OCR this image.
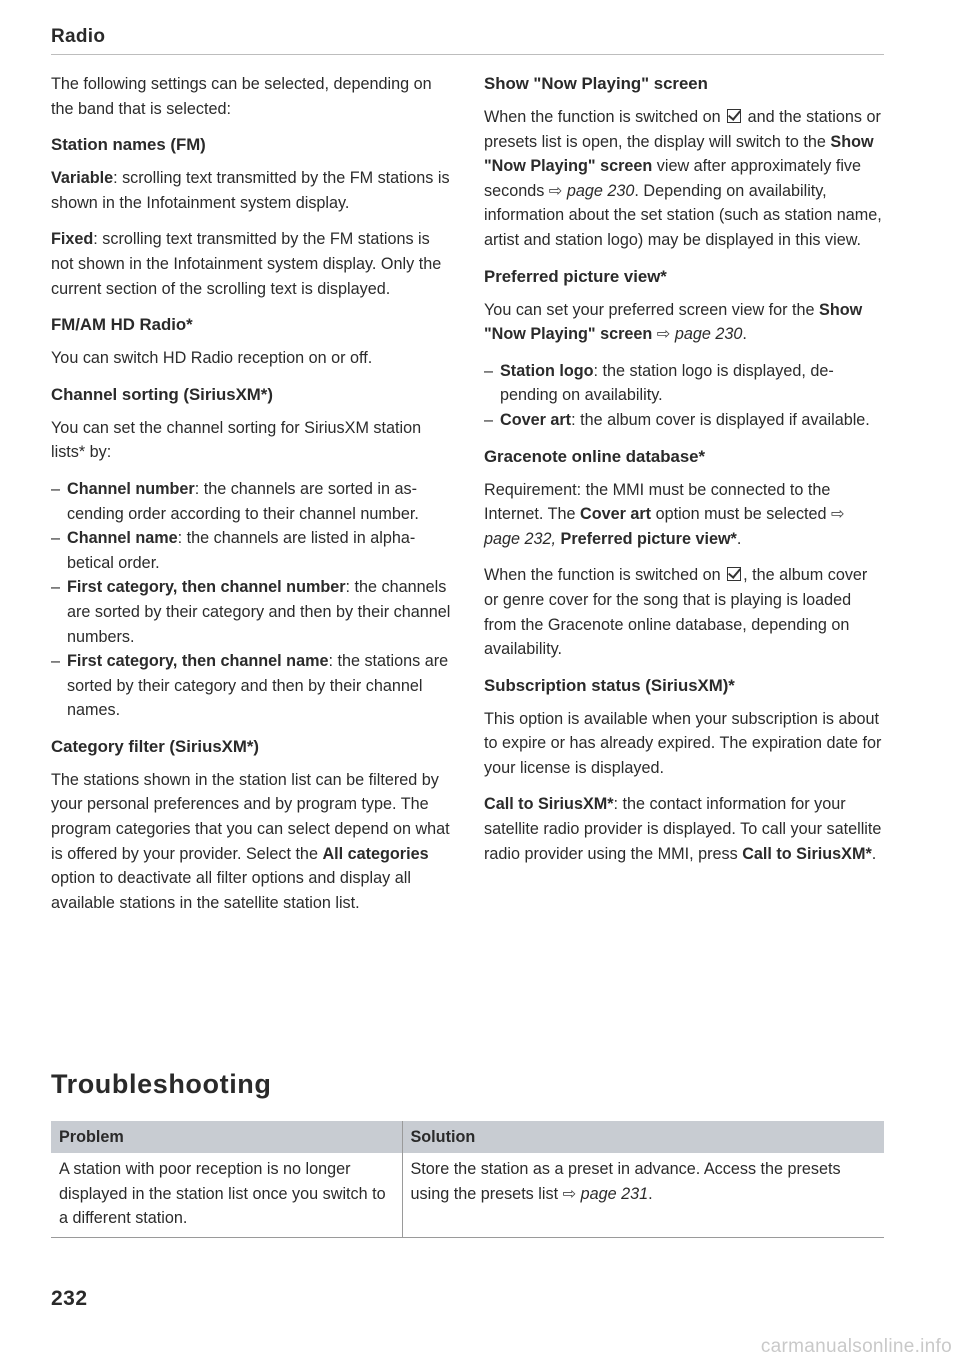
Radio

The following settings can be selected, depending on the band that is selected:

Station names (FM)

Variable: scrolling text transmitted by the FM stations is shown in the Infotainment system display.

Fixed: scrolling text transmitted by the FM stations is not shown in the Infotainment system display. Only the current section of the scrolling text is displayed.

FM/AM HD Radio*

You can switch HD Radio reception on or off.

Channel sorting (SiriusXM*)

You can set the channel sorting for SiriusXM station lists* by:

– Channel number: the channels are sorted in ascending order according to their channel number.
– Channel name: the channels are listed in alphabetical order.
– First category, then channel number: the channels are sorted by their category and then by their channel numbers.
– First category, then channel name: the stations are sorted by their category and then by their channel names.
Category filter (SiriusXM*)

The stations shown in the station list can be filtered by your personal preferences and by program type. The program categories that you can select depend on what is offered by your provider. Select the All categories option to deactivate all filter options and display all available stations in the satellite station list.

Show "Now Playing" screen

When the function is switched on  and the stations or presets list is open, the display will switch to the Show "Now Playing" screen view after approximately five seconds ⇨ page 230. Depending on availability, information about the set station (such as station name, artist and station logo) may be displayed in this view.

Preferred picture view*

You can set your preferred screen view for the Show "Now Playing" screen ⇨ page 230.

– Station logo: the station logo is displayed, depending on availability.
– Cover art: the album cover is displayed if available.
Gracenote online database*

Requirement: the MMI must be connected to the Internet. The Cover art option must be selected ⇨ page 232, Preferred picture view*.

When the function is switched on , the album cover or genre cover for the song that is playing is loaded from the Gracenote online database, depending on availability.

Subscription status (SiriusXM)*

This option is available when your subscription is about to expire or has already expired. The expiration date for your license is displayed.

Call to SiriusXM*: the contact information for your satellite radio provider is displayed. To call your satellite radio provider using the MMI, press Call to SiriusXM*.

Troubleshooting
Problem	Solution
A station with poor reception is no longer displayed in the station list once you switch to a different station.	Store the station as a preset in advance. Access the presets using the presets list ⇨ page 231.
232
carmanualsonline.info
